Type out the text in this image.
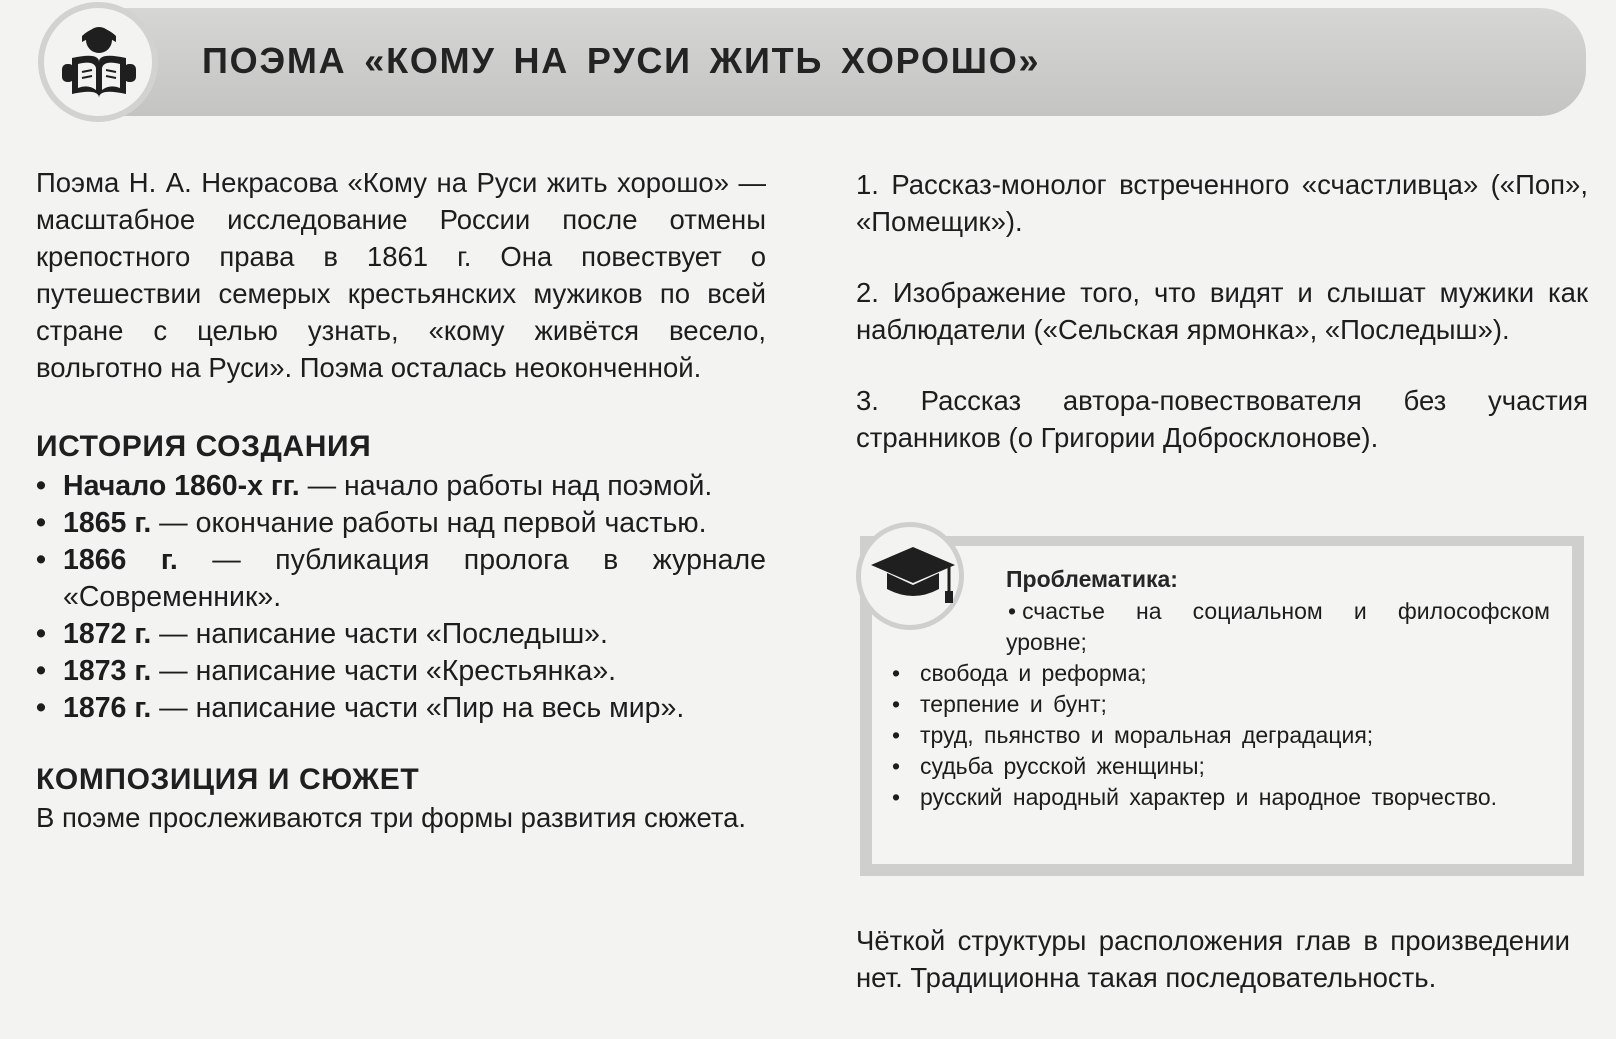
ПОЭМА «КОМУ НА РУСИ ЖИТЬ ХОРОШО»

Поэма Н. А. Некрасова «Кому на Руси жить хорошо» — масштабное исследование России после отмены крепостного права в 1861 г. Она повествует о путешествии семерых крестьянских мужиков по всей стране с целью узнать, «кому живётся весело, вольготно на Руси». Поэма осталась неоконченной.

ИСТОРИЯ СОЗДАНИЯ
• Начало 1860-х гг. — начало работы над поэмой.
• 1865 г. — окончание работы над первой частью.
• 1866 г. — публикация пролога в журнале «Современник».
• 1872 г. — написание части «Последыш».
• 1873 г. — написание части «Крестьянка».
• 1876 г. — написание части «Пир на весь мир».
КОМПОЗИЦИЯ И СЮЖЕТ

В поэме прослеживаются три формы развития сюжета.

1. Рассказ-монолог встреченного «счастливца» («Поп», «Помещик»).

2. Изображение того, что видят и слышат мужики как наблюдатели («Сельская ярмонка», «Последыш»).

3. Рассказ автора-повествователя без участия странников (о Григории Добросклонове).

Проблематика:

• счастье на социальном и философском уровне;
• свобода и реформа;
• терпение и бунт;
• труд, пьянство и моральная деградация;
• судьба русской женщины;
• русский народный характер и народное творчество.

Чёткой структуры расположения глав в произведении нет. Традиционна такая последовательность.
